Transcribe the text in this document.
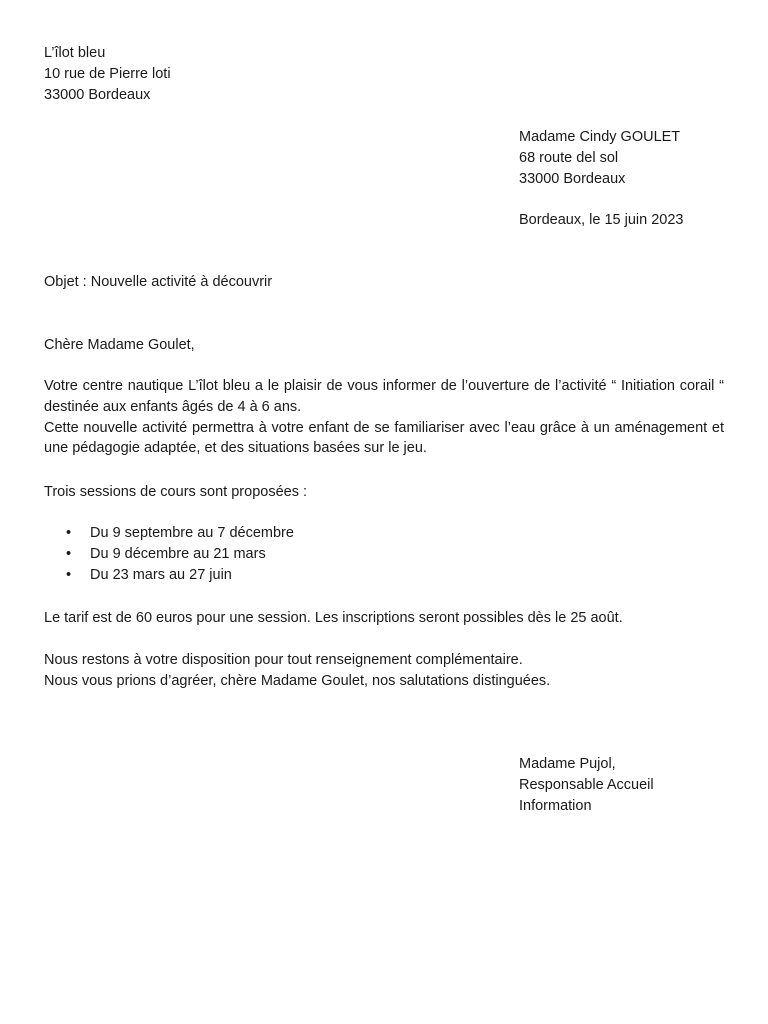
L’îlot bleu
10 rue de Pierre loti
33000 Bordeaux
Madame Cindy GOULET
68 route del sol
33000 Bordeaux
Bordeaux, le 15 juin 2023
Objet : Nouvelle activité à découvrir
Chère Madame Goulet,

Votre centre nautique L’îlot bleu a le plaisir de vous informer de l’ouverture de l’activité “ Initiation corail “ destinée aux enfants âgés de 4 à 6 ans.

Cette nouvelle activité permettra à votre enfant de se familiariser avec l’eau grâce à un aménagement et une pédagogie adaptée, et des situations basées sur le jeu.

Trois sessions de cours sont proposées :
• Du 9 septembre au 7 décembre
• Du 9 décembre au 21 mars
• Du 23 mars au 27 juin
Le tarif est de 60 euros pour une session. Les inscriptions seront possibles dès le 25 août.
Nous restons à votre disposition pour tout renseignement complémentaire.
Nous vous prions d’agréer, chère Madame Goulet, nos salutations distinguées.
Madame Pujol,
Responsable Accueil
Information
